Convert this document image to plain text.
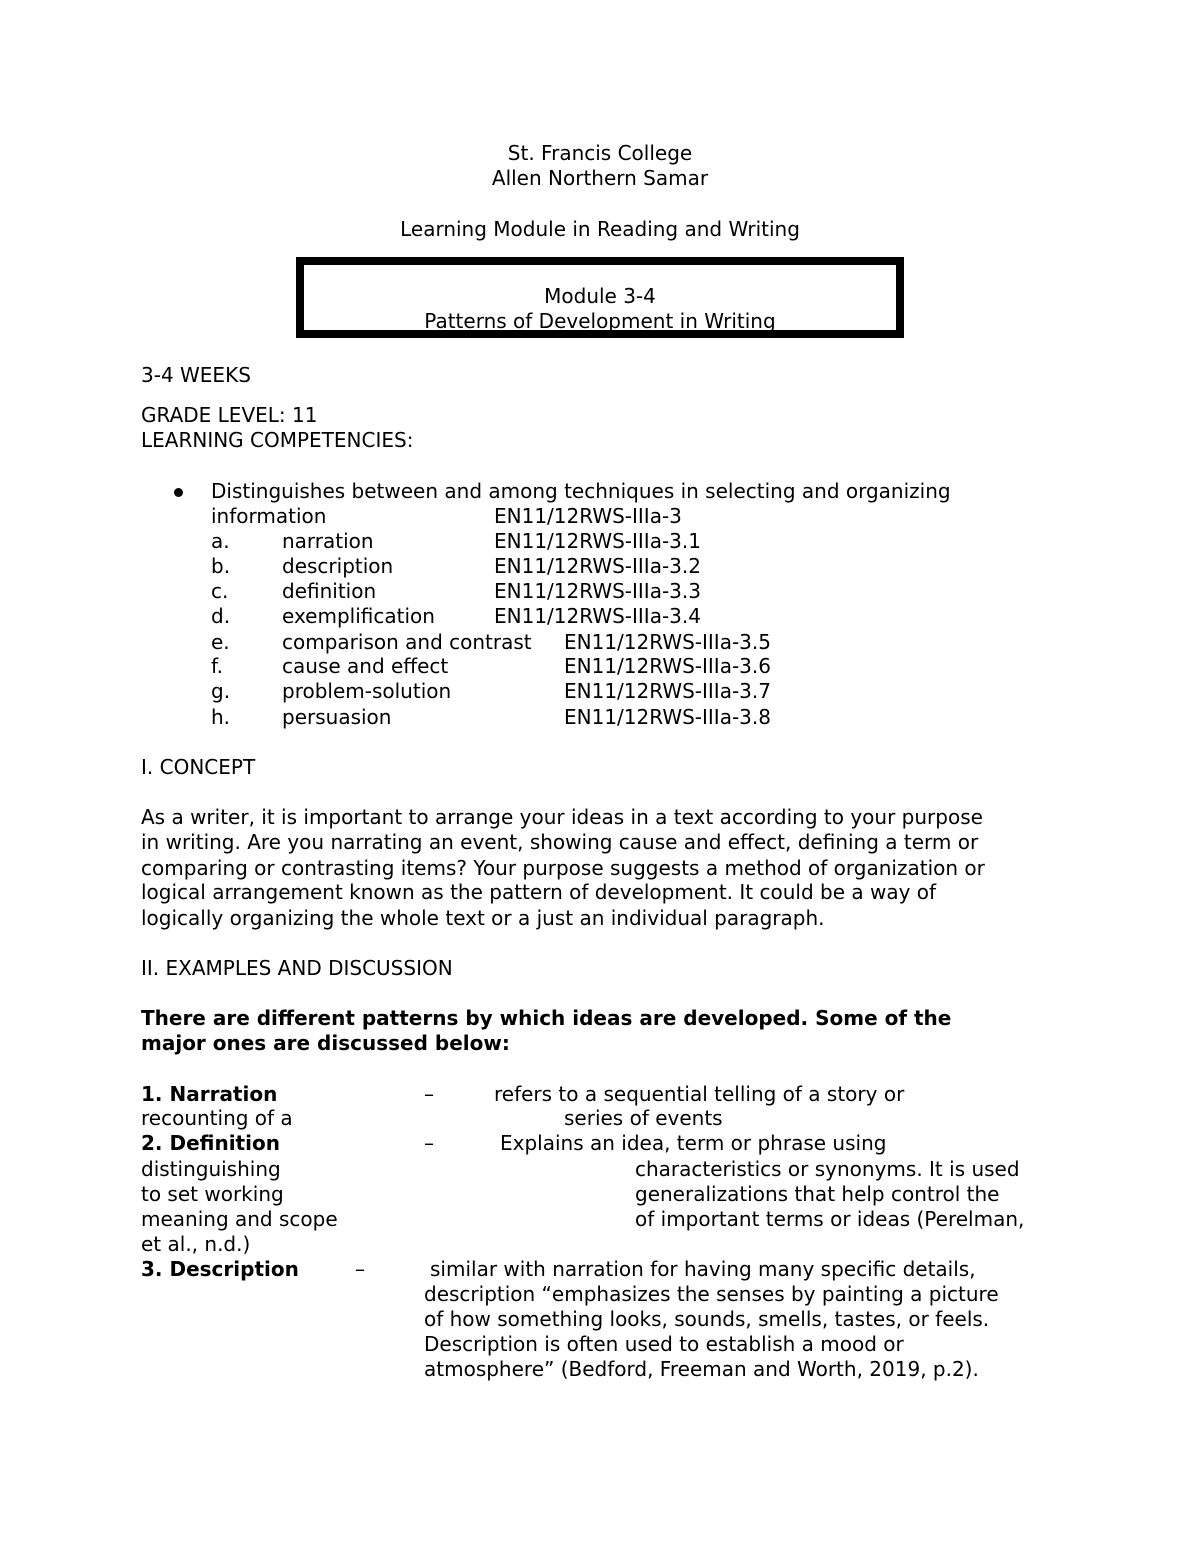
St. Francis College
Allen Northern Samar
Learning Module in Reading and Writing
Module 3-4
Patterns of Development in Writing
3-4 WEEKS
GRADE LEVEL: 11
LEARNING COMPETENCIES:
Distinguishes between and among techniques in selecting and organizing
information	EN11/12RWS-IIIa-3
a.	narration	EN11/12RWS-IIIa-3.1
b.	description	EN11/12RWS-IIIa-3.2
c.	definition	EN11/12RWS-IIIa-3.3
d.	exemplification	EN11/12RWS-IIIa-3.4
e.	comparison and contrast EN11/12RWS-IIIa-3.5
f.	cause and effect	EN11/12RWS-IIIa-3.6
g.	problem-solution	EN11/12RWS-IIIa-3.7
h.	persuasion	EN11/12RWS-IIIa-3.8
I. CONCEPT
As a writer, it is important to arrange your ideas in a text according to your purpose
in writing. Are you narrating an event, showing cause and effect, defining a term or
comparing or contrasting items? Your purpose suggests a method of organization or
logical arrangement known as the pattern of development. It could be a way of
logically organizing the whole text or a just an individual paragraph.
II. EXAMPLES AND DISCUSSION
There are different patterns by which ideas are developed. Some of the
major ones are discussed below:
1. Narration	–	refers to a sequential telling of a story or
recounting of a	series of events
2. Definition	–	Explains an idea, term or phrase using
distinguishing	characteristics or synonyms. It is used
to set working	generalizations that help control the
meaning and scope	of important terms or ideas (Perelman,
et al., n.d.)
3. Description	–	similar with narration for having many specific details,
description “emphasizes the senses by painting a picture
of how something looks, sounds, smells, tastes, or feels.
Description is often used to establish a mood or
atmosphere” (Bedford, Freeman and Worth, 2019, p.2).
